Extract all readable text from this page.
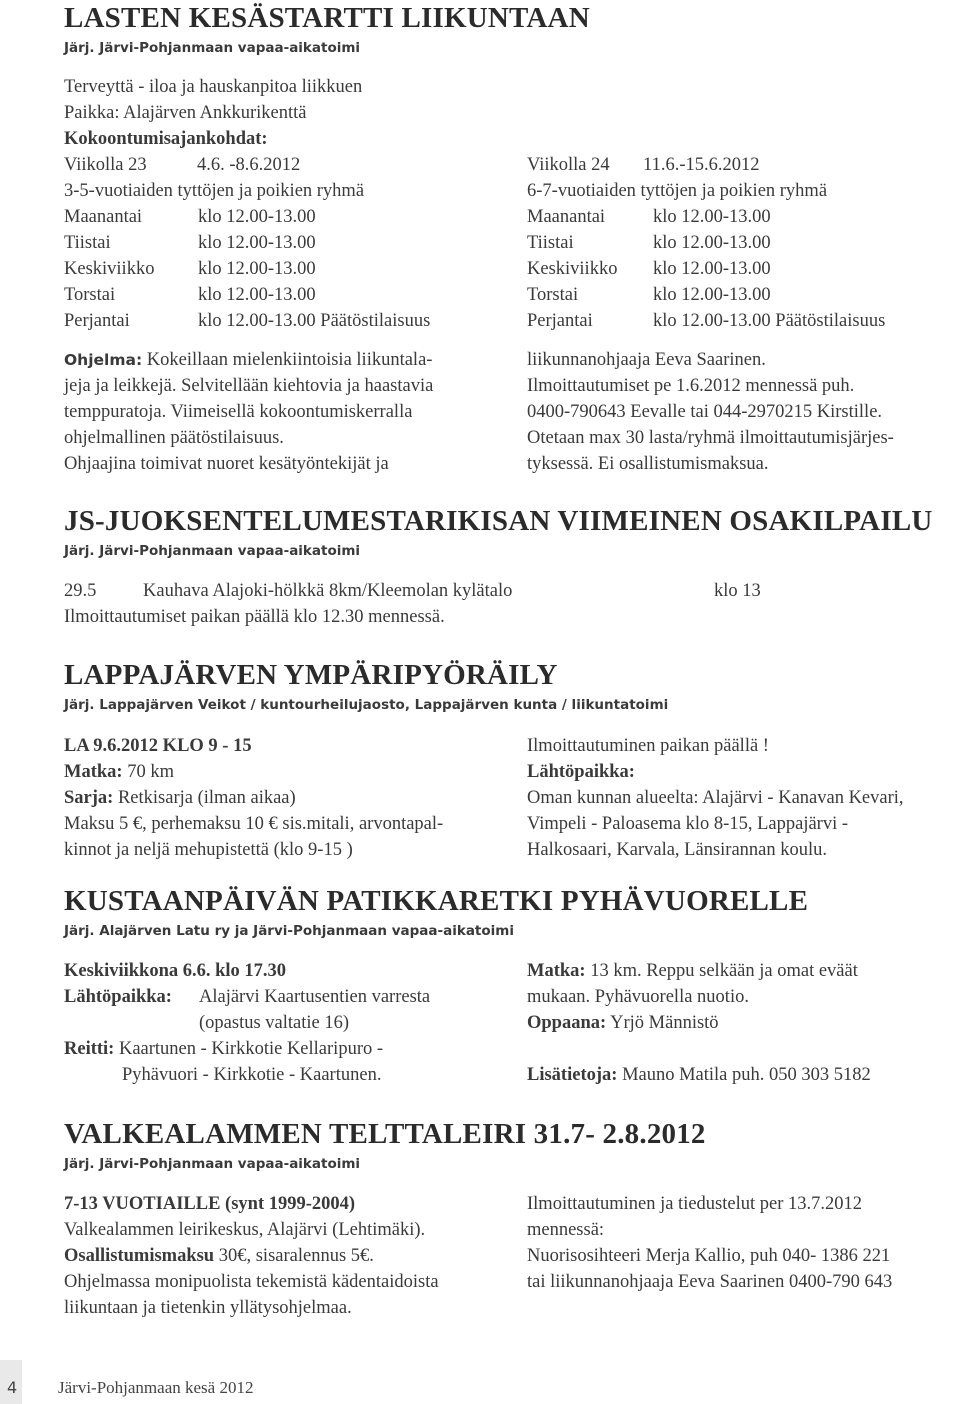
LASTEN KESÄSTARTTI LIIKUNTAAN
Järj. Järvi-Pohjanmaan vapaa-aikatoimi
Terveyttä - iloa ja hauskanpitoa liikkuen
Paikka: Alajärven Ankkurikenttä
Kokoontumisajankohdat:
Viikolla 23	4.6. -8.6.2012
3-5-vuotiaiden tyttöjen ja poikien ryhmä
Maanantai	klo 12.00-13.00
Tiistai	klo 12.00-13.00
Keskiviikko klo 12.00-13.00
Torstai	klo 12.00-13.00
Perjantai	klo 12.00-13.00 Päätöstilaisuus
Viikolla 24 11.6.-15.6.2012
6-7-vuotiaiden tyttöjen ja poikien ryhmä
Maanantai	klo 12.00-13.00
Tiistai	klo 12.00-13.00
Keskiviikko klo 12.00-13.00
Torstai	klo 12.00-13.00
Perjantai	klo 12.00-13.00 Päätöstilaisuus
Ohjelma: Kokeillaan mielenkiintoisia liikuntala-
jeja ja leikkejä. Selvitellään kiehtovia ja haastavia
temppuratoja. Viimeisellä kokoontumiskerralla
ohjelmallinen päätöstilaisuus.
Ohjaajina toimivat nuoret kesätyöntekijät ja
liikunnanohjaaja Eeva Saarinen.
Ilmoittautumiset pe 1.6.2012 mennessä puh.
0400-790643 Eevalle tai 044-2970215 Kirstille.
Otetaan max 30 lasta/ryhmä ilmoittautumisjärjes-
tyksessä. Ei osallistumismaksua.
JS-JUOKSENTELUMESTARIKISAN VIIMEINEN OSAKILPAILU
Järj. Järvi-Pohjanmaan vapaa-aikatoimi
29.5	Kauhava Alajoki-hölkkä 8km/Kleemolan kylätalo	klo 13
Ilmoittautumiset paikan päällä klo 12.30 mennessä.
LAPPAJÄRVEN YMPÄRIPYÖRÄILY
Järj. Lappajärven Veikot / kuntourheilujaosto, Lappajärven kunta / liikuntatoimi
LA 9.6.2012 KLO 9 - 15
Matka: 70 km
Sarja: Retkisarja (ilman aikaa)
Maksu 5 €, perhemaksu 10 € sis.mitali, arvontapal-
kinnot ja neljä mehupistettä (klo 9-15 )
Ilmoittautuminen paikan päällä !
Lähtöpaikka:
Oman kunnan alueelta: Alajärvi - Kanavan Kevari,
Vimpeli - Paloasema klo 8-15, Lappajärvi -
Halkosaari, Karvala, Länsirannan koulu.
KUSTAANPÄIVÄN PATIKKARETKI PYHÄVUORELLE
Järj. Alajärven Latu ry ja Järvi-Pohjanmaan vapaa-aikatoimi
Keskiviikkona 6.6. klo 17.30
Lähtöpaikka: Alajärvi Kaartusentien varresta
(opastus valtatie 16)
Reitti: Kaartunen - Kirkkotie Kellaripuro -
Pyhävuori - Kirkkotie - Kaartunen.
Matka: 13 km. Reppu selkään ja omat eväät
mukaan. Pyhävuorella nuotio.
Oppaana: Yrjö Männistö
Lisätietoja: Mauno Matila puh. 050 303 5182
VALKEALAMMEN TELTTALEIRI 31.7- 2.8.2012
Järj. Järvi-Pohjanmaan vapaa-aikatoimi
7-13 VUOTIAILLE (synt 1999-2004)
Valkealammen leirikeskus, Alajärvi (Lehtimäki).
Osallistumismaksu 30€, sisaralennus 5€.
Ohjelmassa monipuolista tekemistä kädentaidoista
liikuntaan ja tietenkin yllätysohjelmaa.
Ilmoittautuminen ja tiedustelut per 13.7.2012
mennessä:
Nuorisosihteeri Merja Kallio, puh 040- 1386 221
tai liikunnanohjaaja Eeva Saarinen 0400-790 643
4 Järvi-Pohjanmaan kesä 2012
